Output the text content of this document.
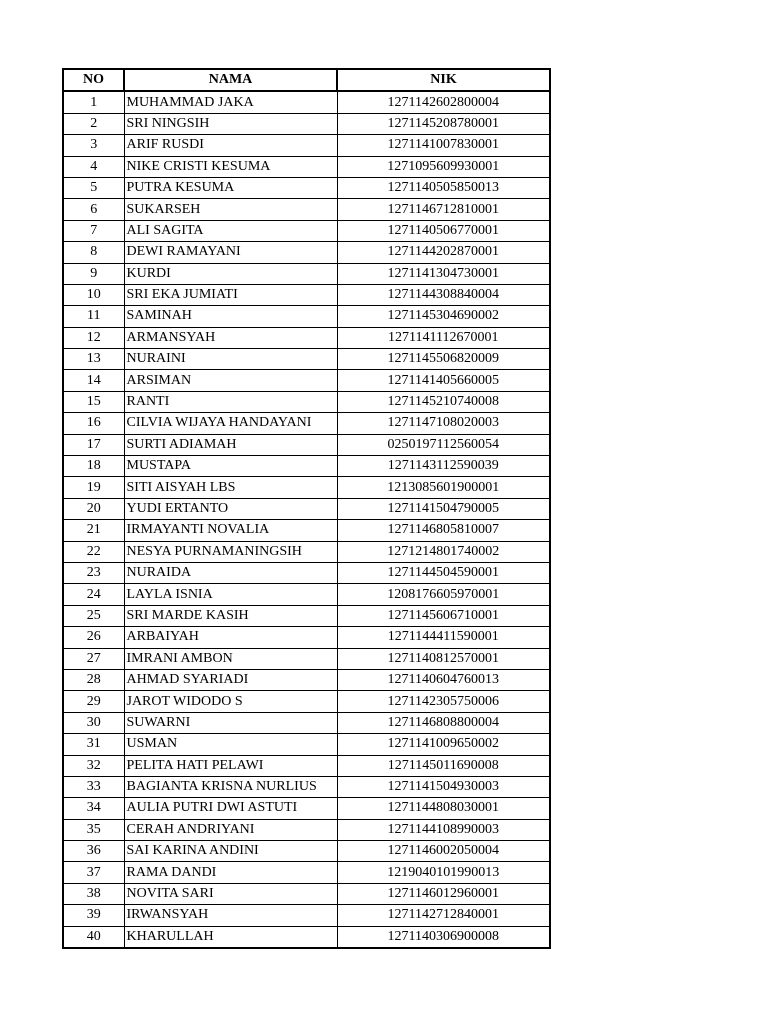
NO	NAMA	NIK
1	MUHAMMAD JAKA	1271142602800004
2	SRI NINGSIH	1271145208780001
3	ARIF RUSDI	1271141007830001
4	NIKE CRISTI KESUMA	1271095609930001
5	PUTRA KESUMA	1271140505850013
6	SUKARSEH	1271146712810001
7	ALI SAGITA	1271140506770001
8	DEWI RAMAYANI	1271144202870001
9	KURDI	1271141304730001
10	SRI EKA JUMIATI	1271144308840004
11	SAMINAH	1271145304690002
12	ARMANSYAH	1271141112670001
13	NURAINI	1271145506820009
14	ARSIMAN	1271141405660005
15	RANTI	1271145210740008
16	CILVIA WIJAYA HANDAYANI	1271147108020003
17	SURTI ADIAMAH	0250197112560054
18	MUSTAPA	1271143112590039
19	SITI AISYAH LBS	1213085601900001
20	YUDI ERTANTO	1271141504790005
21	IRMAYANTI NOVALIA	1271146805810007
22	NESYA PURNAMANINGSIH	1271214801740002
23	NURAIDA	1271144504590001
24	LAYLA ISNIA	1208176605970001
25	SRI MARDE KASIH	1271145606710001
26	ARBAIYAH	1271144411590001
27	IMRANI AMBON	1271140812570001
28	AHMAD SYARIADI	1271140604760013
29	JAROT WIDODO S	1271142305750006
30	SUWARNI	1271146808800004
31	USMAN	1271141009650002
32	PELITA HATI PELAWI	1271145011690008
33	BAGIANTA KRISNA NURLIUS	1271141504930003
34	AULIA PUTRI DWI ASTUTI	1271144808030001
35	CERAH ANDRIYANI	1271144108990003
36	SAI KARINA ANDINI	1271146002050004
37	RAMA DANDI	1219040101990013
38	NOVITA SARI	1271146012960001
39	IRWANSYAH	1271142712840001
40	KHARULLAH	1271140306900008
